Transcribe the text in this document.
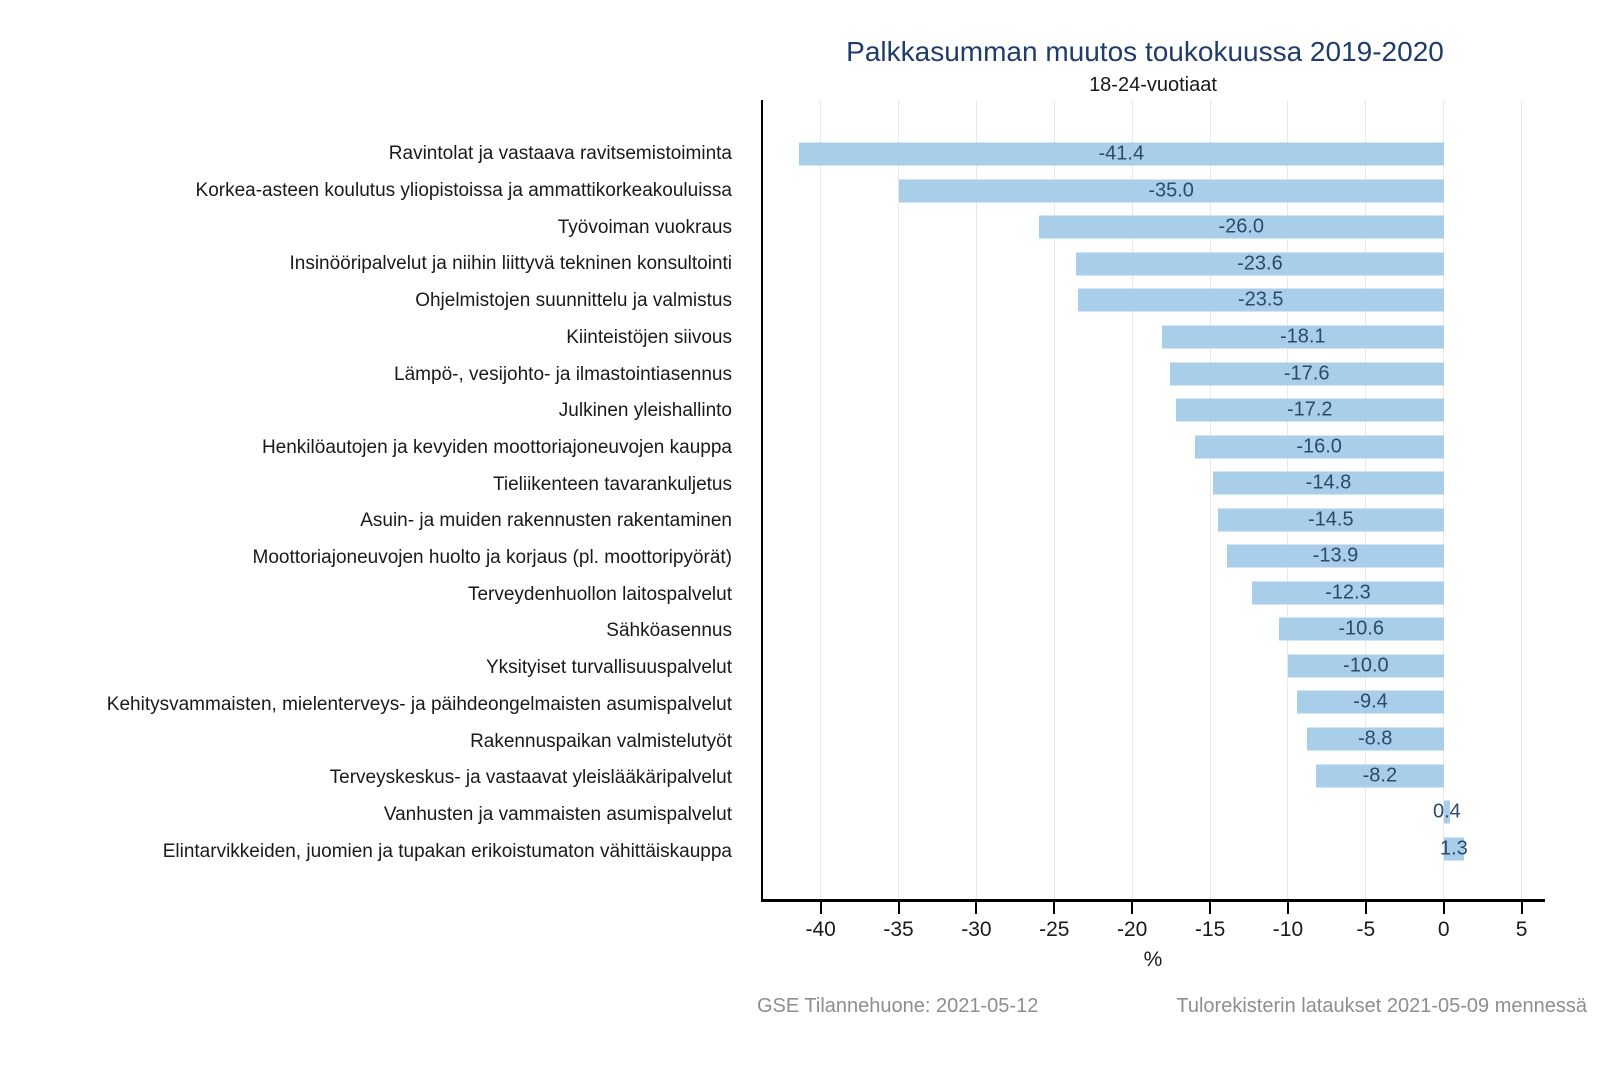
Palkkasumman muutos toukokuussa 2019-2020
18-24-vuotiaat
Ravintolat ja vastaava ravitsemistoiminta
Korkea-asteen koulutus yliopistoissa ja ammattikorkeakouluissa
Työvoiman vuokraus
Insinööripalvelut ja niihin liittyvä tekninen konsultointi
Ohjelmistojen suunnittelu ja valmistus
Kiinteistöjen siivous
Lämpö-, vesijohto- ja ilmastointiasennus
Julkinen yleishallinto
Henkilöautojen ja kevyiden moottoriajoneuvojen kauppa
Tieliikenteen tavarankuljetus
Asuin- ja muiden rakennusten rakentaminen
Moottoriajoneuvojen huolto ja korjaus (pl. moottoripyörät)
Terveydenhuollon laitospalvelut
Sähköasennus
Yksityiset turvallisuuspalvelut
Kehitysvammaisten, mielenterveys- ja päihdeongelmaisten asumispalvelut
Rakennuspaikan valmistelutyöt
Terveyskeskus- ja vastaavat yleislääkäripalvelut
Vanhusten ja vammaisten asumispalvelut
Elintarvikkeiden, juomien ja tupakan erikoistumaton vähittäiskauppa
-41.4
-35.0
-26.0
-23.6
-23.5
-18.1
-17.6
-17.2
-16.0
-14.8
-14.5
-13.9
-12.3
-10.6
-10.0
-9.4
-8.8
-8.2
0.4
1.3
-40 -35 -30 -25 -20 -15 -10	-5	0	5
%
GSE Tilannehuone: 2021-05-12	Tulorekisterin lataukset 2021-05-09 mennessä
